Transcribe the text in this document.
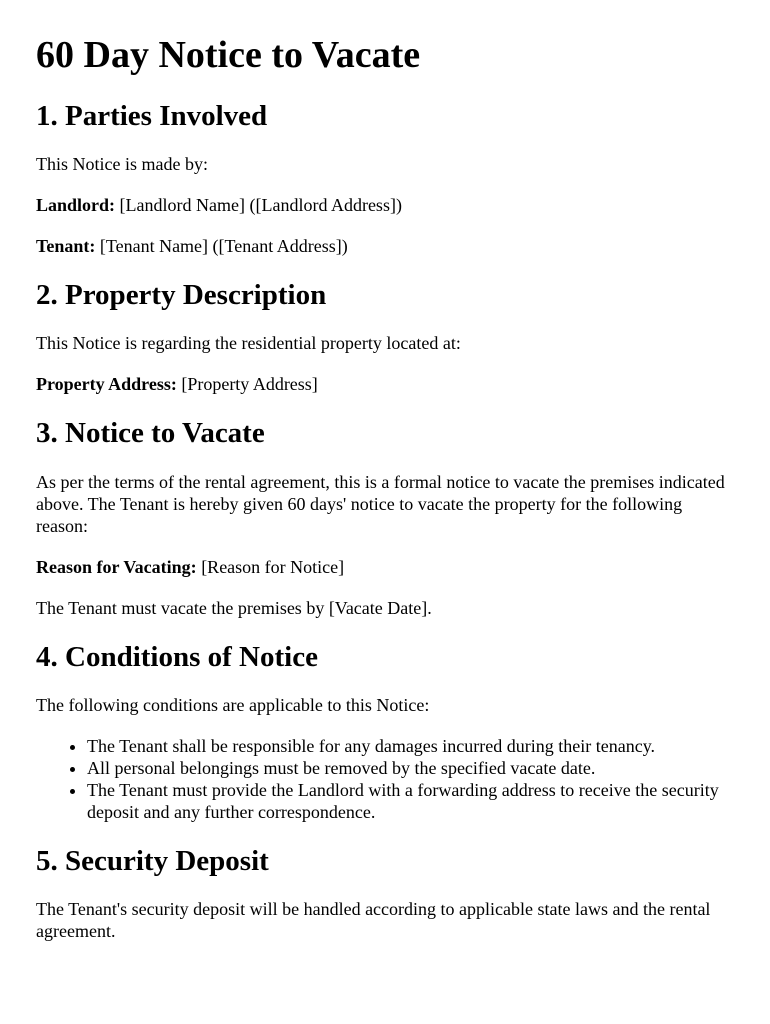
60 Day Notice to Vacate
1. Parties Involved

This Notice is made by:

Landlord: [Landlord Name] ([Landlord Address])

Tenant: [Tenant Name] ([Tenant Address])

2. Property Description

This Notice is regarding the residential property located at:

Property Address: [Property Address]

3. Notice to Vacate

As per the terms of the rental agreement, this is a formal notice to vacate the premises indicated above. The Tenant is hereby given 60 days' notice to vacate the property for the following reason:

Reason for Vacating: [Reason for Notice]

The Tenant must vacate the premises by [Vacate Date].

4. Conditions of Notice

The following conditions are applicable to this Notice:

• The Tenant shall be responsible for any damages incurred during their tenancy.
• All personal belongings must be removed by the specified vacate date.
• The Tenant must provide the Landlord with a forwarding address to receive the security deposit and any further correspondence.
5. Security Deposit

The Tenant's security deposit will be handled according to applicable state laws and the rental agreement.
